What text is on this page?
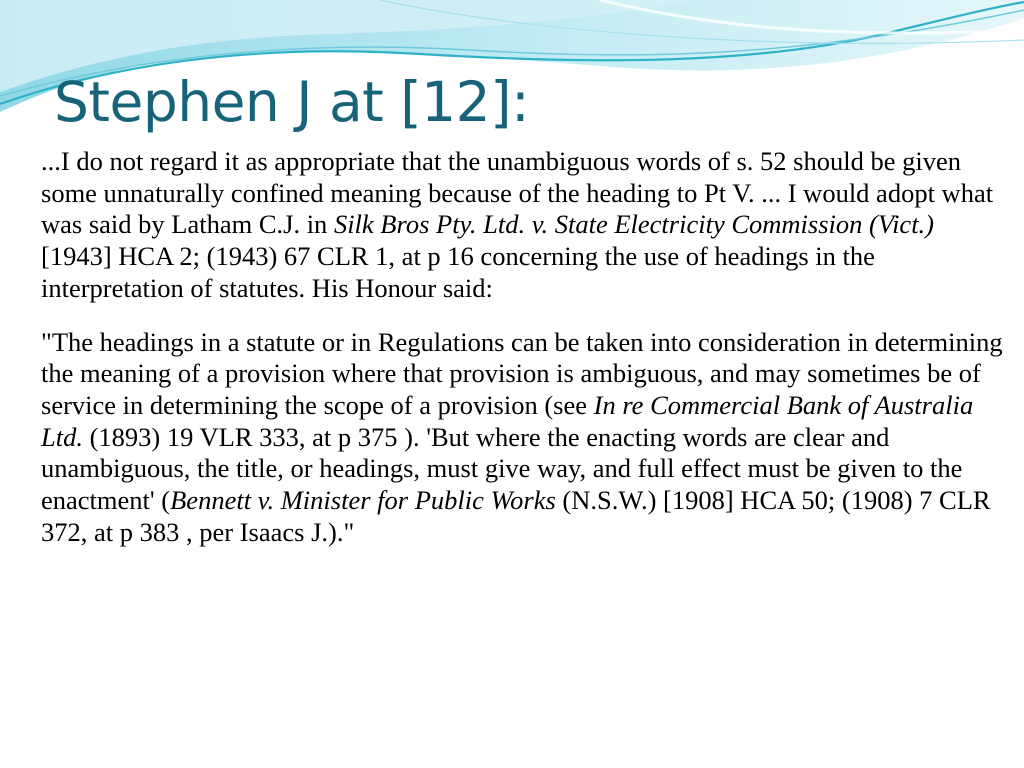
Stephen J at [12]:

...I do not regard it as appropriate that the unambiguous words of s. 52 should be given some unnaturally confined meaning because of the heading to Pt V. ... I would adopt what was said by Latham C.J. in Silk Bros Pty. Ltd. v. State Electricity Commission (Vict.) [1943] HCA 2; (1943) 67 CLR 1, at p 16 concerning the use of headings in the interpretation of statutes. His Honour said:

"The headings in a statute or in Regulations can be taken into consideration in determining the meaning of a provision where that provision is ambiguous, and may sometimes be of service in determining the scope of a provision (see In re Commercial Bank of Australia Ltd. (1893) 19 VLR 333, at p 375 ). 'But where the enacting words are clear and unambiguous, the title, or headings, must give way, and full effect must be given to the enactment' (Bennett v. Minister for Public Works (N.S.W.) [1908] HCA 50; (1908) 7 CLR 372, at p 383 , per Isaacs J.)."
